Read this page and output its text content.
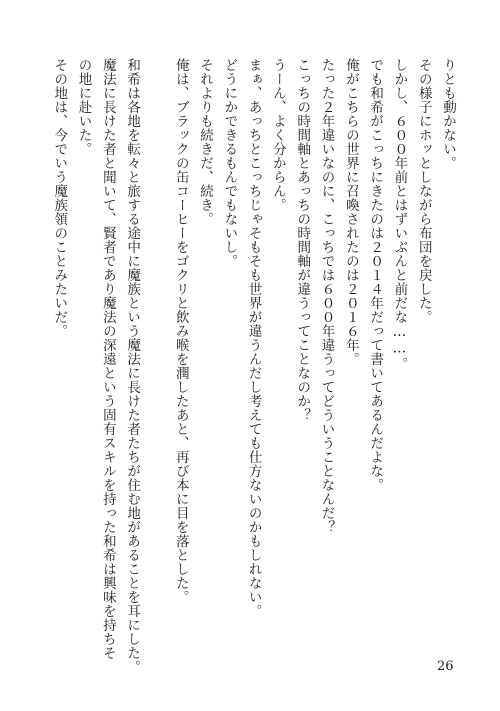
りとも動かない。
その様子にホッとしながら布団を戻した。
しかし、６００年前とはずいぶんと前だな……。
でも和希がこっちにきたのは２０１４年だって書いてあるんだよな。
俺がこちらの世界に召喚されたのは２０１６年。
たった２年違いなのに、こっちでは６００年違うってどういうことなんだ？
こっちの時間軸とあっちの時間軸が違うってことなのか？
うーん、よく分からん。
まぁ、あっちとこっちじゃそもそも世界が違うんだし考えても仕方ないのかもしれない。
どうにかできるもんでもないし。
それよりも続きだ、続き。
俺は、ブラックの缶コーヒーをゴクリと飲み喉を潤したあと、再び本に目を落とした。
和希は各地を転々と旅する途中に魔族という魔法に長けた者たちが住む地があることを耳にした。
魔法に長けた者と聞いて、賢者であり魔法の深遠という固有スキルを持った和希は興味を持ちそ
の地に赴いた。
その地は、今でいう魔族領のことみたいだ。
26
